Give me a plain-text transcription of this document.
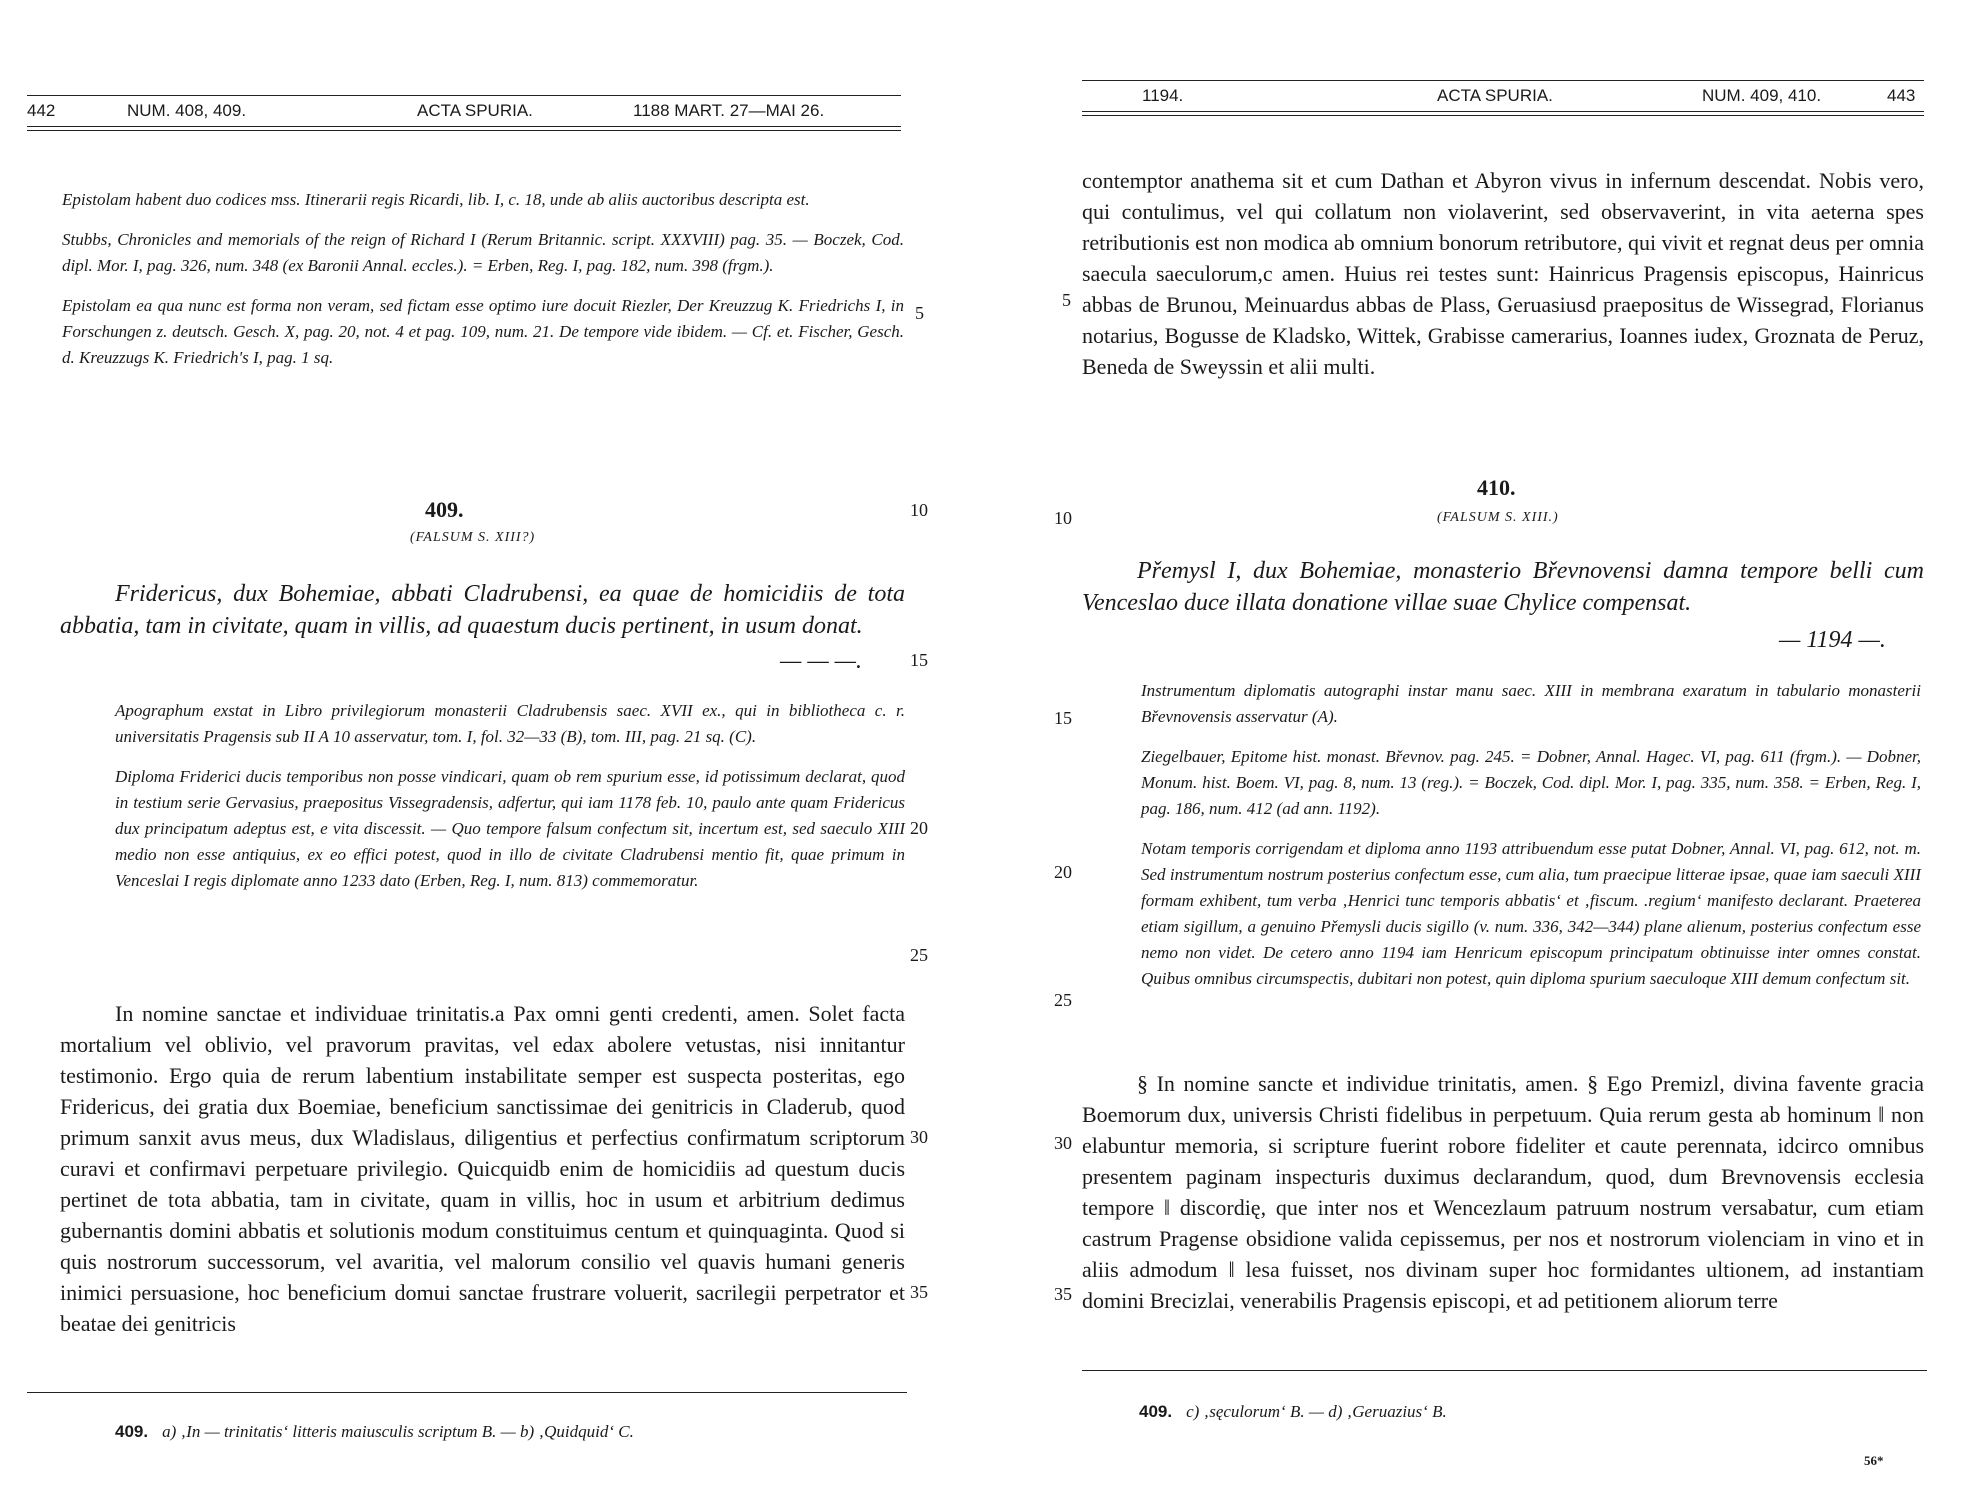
442	NUM. 408, 409.	ACTA SPURIA.	1188 MART. 27—MAI 26.

Epistolam habent duo codices mss. Itinerarii regis Ricardi, lib. I, c. 18, unde ab aliis auctoribus descripta est.

Stubbs, Chronicles and memorials of the reign of Richard I (Rerum Britannic. script. XXXVIII) pag. 35. — Boczek, Cod. dipl. Mor. I, pag. 326, num. 348 (ex Baronii Annal. eccles.). = Erben, Reg. I, pag. 182, num. 398 (frgm.).

Epistolam ea qua nunc est forma non veram, sed fictam esse optimo iure docuit Riezler, Der Kreuzzug K. Friedrichs I, in Forschungen z. deutsch. Gesch. X, pag. 20, not. 4 et pag. 109, num. 21. De tempore vide ibidem. — Cf. et. Fischer, Gesch. d. Kreuzzugs K. Friedrich's I, pag. 1 sq.

5
10
15
20
25
30
35
409.
(FALSUM S. XIII?)
Fridericus, dux Bohemiae, abbati Cladrubensi, ea quae de homicidiis de tota abbatia, tam in civitate, quam in villis, ad quaestum ducis pertinent, in usum donat.
— — —.

Apographum exstat in Libro privilegiorum monasterii Cladrubensis saec. XVII ex., qui in bibliotheca c. r. universitatis Pragensis sub II A 10 asservatur, tom. I, fol. 32—33 (B), tom. III, pag. 21 sq. (C).

Diploma Friderici ducis temporibus non posse vindicari, quam ob rem spurium esse, id potissimum declarat, quod in testium serie Gervasius, praepositus Vissegradensis, adfertur, qui iam 1178 feb. 10, paulo ante quam Fridericus dux principatum adeptus est, e vita discessit. — Quo tempore falsum confectum sit, incertum est, sed saeculo XIII medio non esse antiquius, ex eo effici potest, quod in illo de civitate Cladrubensi mentio fit, quae primum in Venceslai I regis diplomate anno 1233 dato (Erben, Reg. I, num. 813) commemoratur.

In nomine sanctae et individuae trinitatis.a Pax omni genti credenti, amen. Solet facta mortalium vel oblivio, vel pravorum pravitas, vel edax abolere vetustas, nisi innitantur testimonio. Ergo quia de rerum labentium instabilitate semper est suspecta posteritas, ego Fridericus, dei gratia dux Boemiae, beneficium sanctissimae dei genitricis in Claderub, quod primum sanxit avus meus, dux Wladislaus, diligentius et perfectius confirmatum scriptorum curavi et confirmavi perpetuare privilegio. Quicquidb enim de homicidiis ad questum ducis pertinet de tota abbatia, tam in civitate, quam in villis, hoc in usum et arbitrium dedimus gubernantis domini abbatis et solutionis modum constituimus centum et quinquaginta. Quod si quis nostrorum successorum, vel avaritia, vel malorum consilio vel quavis humani generis inimici persuasione, hoc beneficium domui sanctae frustrare voluerit, sacrilegii perpetrator et beatae dei genitricis

409. a) ‚In — trinitatis‘ litteris maiusculis scriptum B. — b) ‚Quidquid‘ C.
1194.	ACTA SPURIA.	NUM. 409, 410.	443

contemptor anathema sit et cum Dathan et Abyron vivus in infernum descendat. Nobis vero, qui contulimus, vel qui collatum non violaverint, sed observaverint, in vita aeterna spes retributionis est non modica ab omnium bonorum retributore, qui vivit et regnat deus per omnia saecula saeculorum,c amen. Huius rei testes sunt: Hainricus Pragensis episcopus, Hainricus abbas de Brunou, Meinuardus abbas de Plass, Geruasiusd praepositus de Wissegrad, Florianus notarius, Bogusse de Kladsko, Wittek, Grabisse camerarius, Ioannes iudex, Groznata de Peruz, Beneda de Sweyssin et alii multi.

5
10
15
20
25
30
35
410.
(FALSUM S. XIII.)
Přemysl I, dux Bohemiae, monasterio Břevnovensi damna tempore belli cum Venceslao duce illata donatione villae suae Chylice compensat.
— 1194 —.

Instrumentum diplomatis autographi instar manu saec. XIII in membrana exaratum in tabulario monasterii Břevnovensis asservatur (A).

Ziegelbauer, Epitome hist. monast. Břevnov. pag. 245. = Dobner, Annal. Hagec. VI, pag. 611 (frgm.). — Dobner, Monum. hist. Boem. VI, pag. 8, num. 13 (reg.). = Boczek, Cod. dipl. Mor. I, pag. 335, num. 358. = Erben, Reg. I, pag. 186, num. 412 (ad ann. 1192).

Notam temporis corrigendam et diploma anno 1193 attribuendum esse putat Dobner, Annal. VI, pag. 612, not. m. Sed instrumentum nostrum posterius confectum esse, cum alia, tum praecipue litterae ipsae, quae iam saeculi XIII formam exhibent, tum verba ‚Henrici tunc temporis abbatis‘ et ‚fiscum. .regium‘ manifesto declarant. Praeterea etiam sigillum, a genuino Přemysli ducis sigillo (v. num. 336, 342—344) plane alienum, posterius confectum esse nemo non videt. De cetero anno 1194 iam Henricum episcopum principatum obtinuisse inter omnes constat. Quibus omnibus circumspectis, dubitari non potest, quin diploma spurium saeculoque XIII demum confectum sit.

§ In nomine sancte et individue trinitatis, amen. § Ego Premizl, divina favente gracia Boemorum dux, universis Christi fidelibus in perpetuum. Quia rerum gesta ab hominum ‖ non elabuntur memoria, si scripture fuerint robore fideliter et caute perennata, idcirco omnibus presentem paginam inspecturis duximus declarandum, quod, dum Brevnovensis ecclesia tempore ‖ discordię, que inter nos et Wencezlaum patruum nostrum versabatur, cum etiam castrum Pragense obsidione valida cepissemus, per nos et nostrorum violenciam in vino et in aliis admodum ‖ lesa fuisset, nos divinam super hoc formidantes ultionem, ad instantiam domini Brecizlai, venerabilis Pragensis episcopi, et ad petitionem aliorum terre

409. c) ‚sęculorum‘ B. — d) ‚Geruazius‘ B.
56*
